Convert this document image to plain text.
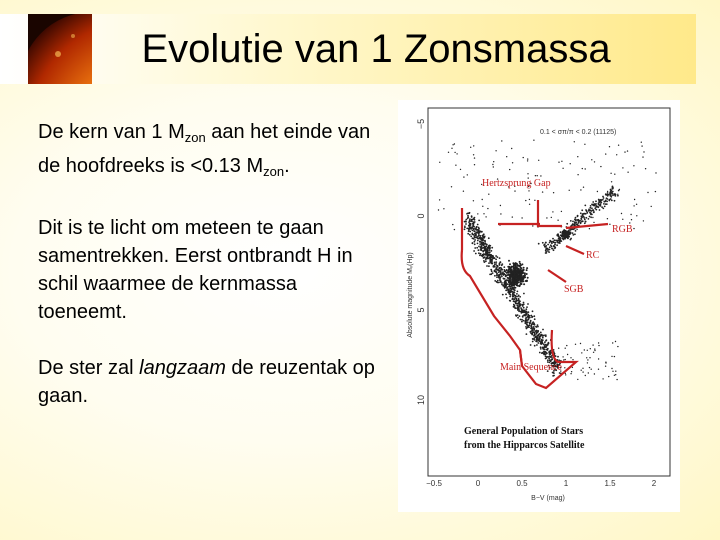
Evolutie van 1 Zonsmassa

De kern van 1 $M_{zon}$ aan het einde van de hoofdreeks is <0.13 $M_{zon}$.

Dit is te licht om meteen te gaan samentrekken. Eerst ontbrandt H in schil waarmee de kernmassa toeneemt.

De ster zal langzaam de reuzentak op gaan.

−5
0
5
10
Absolute magnitude Mᵥ(Hp)
−0.5	0	0.5	1	1.5	2
B−V (mag)
0.1 < σπ/π < 0.2 (11125)
Hertzsprung Gap
RGB
RC
SGB
Main Sequence
General Population of Stars
from the Hipparcos Satellite
